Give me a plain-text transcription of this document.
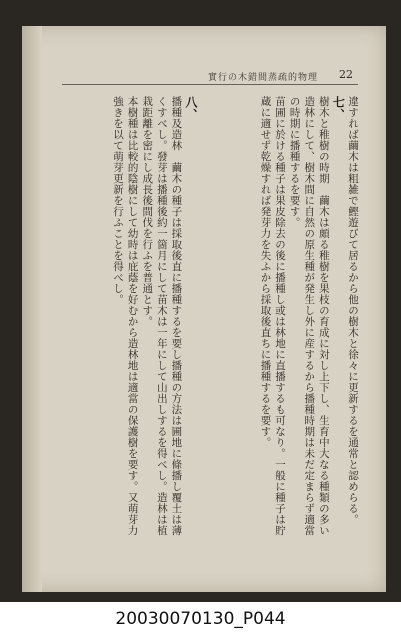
實行の木錯間蒸疏的物理 22
違すれば繭木は粗雑で鰹遊びて居るから他の樹木と徐々に更新するを通常と認めらる。
七、
樹木と稚樹の時期　繭木は頗る稚樹を果枝の育成に対し上下し、生育中大なる種類の多い造林にして、樹木間に自然の原生種が発生し外に産するから播種時期は未だ定まらず適當の時期に播種するを要す。
苗圃に於ける種子は果皮除去の後に播種し或は林地に直播するも可なり。一般に種子は貯蔵に適せず乾燥すれば発芽力を失ふから採取後直ちに播種するを要す。
八、
播種及造林　繭木の種子は採取後直に播種するを要し播種の方法は圃地に條播し覆土は薄くすべし。發芽は播種後約一箇月にして苗木は一年にして山出しするを得べし。造林は植栽距離を密にし成長後間伐を行ふを普通とす。
本樹種は比較的陰樹にして幼時は庇蔭を好むから造林地は適當の保護樹を要す。又萌芽力強きを以て萌芽更新を行ふことを得べし。
20030070130_P044
